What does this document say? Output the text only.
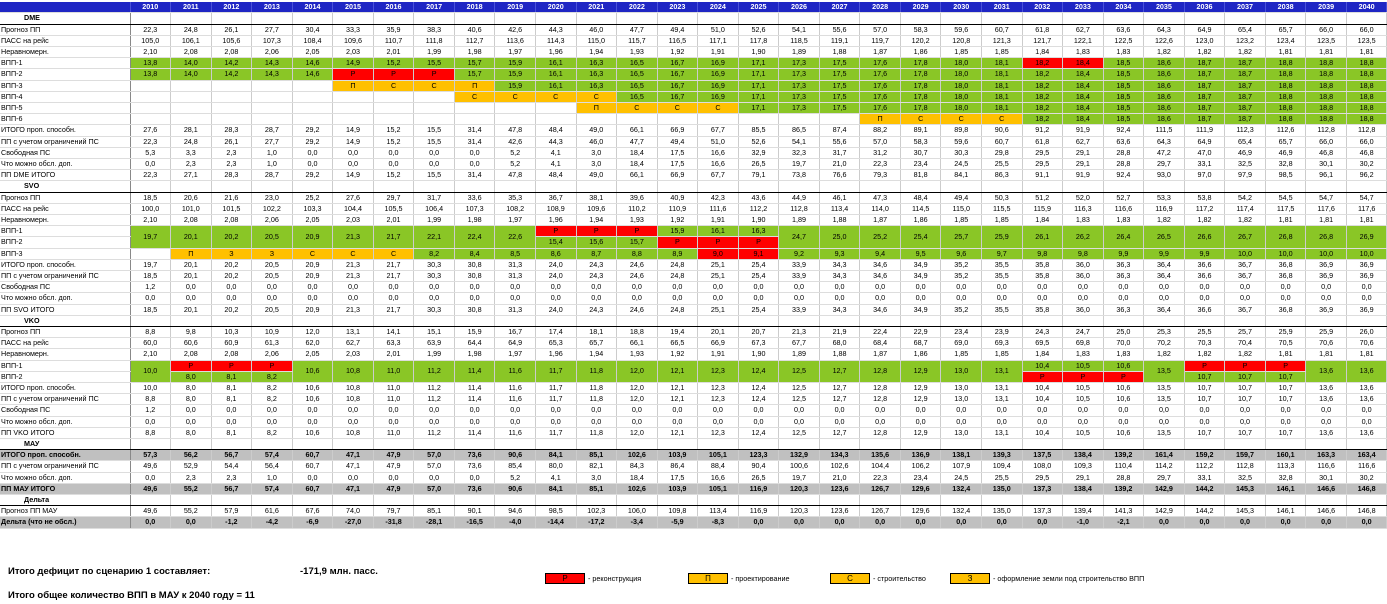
	2010	2011	2012	2013	2014	2015	2016	2017	2018	2019	2020	2021	2022	2023	2024	2025	2026	2027	2028	2029	2030	2031	2032	2033	2034	2035	2036	2037	2038	2039	2040
DME																															
Прогноз ПП	22,3	24,8	26,1	27,7	30,4	33,3	35,9	38,3	40,6	42,6	44,3	46,0	47,7	49,4	51,0	52,6	54,1	55,6	57,0	58,3	59,6	60,7	61,8	62,7	63,6	64,3	64,9	65,4	65,7	66,0	66,0
ПАСС на рейс	105,0	106,1	105,6	107,3	108,4	109,6	110,7	111,8	112,7	113,6	114,3	115,0	115,7	116,5	117,1	117,8	118,5	119,1	119,7	120,2	120,8	121,3	121,7	122,1	122,5	122,6	123,0	123,2	123,4	123,5	123,5
Неравномерн.	2,10	2,08	2,08	2,06	2,05	2,03	2,01	1,99	1,98	1,97	1,96	1,94	1,93	1,92	1,91	1,90	1,89	1,88	1,87	1,86	1,85	1,85	1,84	1,83	1,83	1,82	1,82	1,82	1,81	1,81	1,81
ВПП-1	13,8	14,0	14,2	14,3	14,6	14,9	15,2	15,5	15,7	15,9	16,1	16,3	16,5	16,7	16,9	17,1	17,3	17,5	17,6	17,8	18,0	18,1	18,2	18,4	18,5	18,6	18,7	18,7	18,8	18,8	18,8
ВПП-2	13,8	14,0	14,2	14,3	14,6	Р	Р	Р	15,7	15,9	16,1	16,3	16,5	16,7	16,9	17,1	17,3	17,5	17,6	17,8	18,0	18,1	18,2	18,4	18,5	18,6	18,7	18,7	18,8	18,8	18,8
ВПП-3						П	С	С	П	15,9	16,1	16,3	16,5	16,7	16,9	17,1	17,3	17,5	17,6	17,8	18,0	18,1	18,2	18,4	18,5	18,6	18,7	18,7	18,8	18,8	18,8
ВПП-4									С	С	С	С	16,5	16,7	16,9	17,1	17,3	17,5	17,6	17,8	18,0	18,1	18,2	18,4	18,5	18,6	18,7	18,7	18,8	18,8	18,8
ВПП-5												П	С	С	С	17,1	17,3	17,5	17,6	17,8	18,0	18,1	18,2	18,4	18,5	18,6	18,7	18,7	18,8	18,8	18,8
ВПП-6																			П	С	С	С	18,2	18,4	18,5	18,6	18,7	18,7	18,8	18,8	18,8
ИТОГО проп. способн.	27,6	28,1	28,3	28,7	29,2	14,9	15,2	15,5	31,4	47,8	48,4	49,0	66,1	66,9	67,7	85,5	86,5	87,4	88,2	89,1	89,8	90,6	91,2	91,9	92,4	111,5	111,9	112,3	112,6	112,8	112,8
ПП с учетом ограничений ПС	22,3	24,8	26,1	27,7	29,2	14,9	15,2	15,5	31,4	42,6	44,3	46,0	47,7	49,4	51,0	52,6	54,1	55,6	57,0	58,3	59,6	60,7	61,8	62,7	63,6	64,3	64,9	65,4	65,7	66,0	66,0
Свободная ПС	5,3	3,3	2,3	1,0	0,0	0,0	0,0	0,0	0,0	5,2	4,1	3,0	18,4	17,5	16,6	32,9	32,3	31,7	31,2	30,7	30,3	29,8	29,5	29,1	28,8	47,2	47,0	46,9	46,9	46,8	46,8
Что можно обсл. доп.	0,0	2,3	2,3	1,0	0,0	0,0	0,0	0,0	0,0	5,2	4,1	3,0	18,4	17,5	16,6	26,5	19,7	21,0	22,3	23,4	24,5	25,5	29,5	29,1	28,8	29,7	33,1	32,5	32,8	30,1	30,2
ПП DME ИТОГО	22,3	27,1	28,3	28,7	29,2	14,9	15,2	15,5	31,4	47,8	48,4	49,0	66,1	66,9	67,7	79,1	73,8	76,6	79,3	81,8	84,1	86,3	91,1	91,9	92,4	93,0	97,0	97,9	98,5	96,1	96,2
SVO																															
Прогноз ПП	18,5	20,6	21,6	23,0	25,2	27,6	29,7	31,7	33,6	35,3	36,7	38,1	39,6	40,9	42,3	43,6	44,9	46,1	47,3	48,4	49,4	50,3	51,2	52,0	52,7	53,3	53,8	54,2	54,5	54,7	54,7
ПАСС на рейс	100,0	101,0	101,5	102,2	103,3	104,4	105,5	106,4	107,3	108,2	108,9	109,6	110,2	110,9	111,6	112,2	112,8	113,4	114,0	114,5	115,0	115,5	115,9	116,3	116,6	116,9	117,2	117,4	117,5	117,6	117,6
Неравномерн.	2,10	2,08	2,08	2,06	2,05	2,03	2,01	1,99	1,98	1,97	1,96	1,94	1,93	1,92	1,91	1,90	1,89	1,88	1,87	1,86	1,85	1,85	1,84	1,83	1,83	1,82	1,82	1,82	1,81	1,81	1,81
ВПП-1	19,7	20,1	20,2	20,5	20,9	21,3	21,7	22,1	22,4	22,6	Р	Р	Р	15,9	16,1	16,3	24,7	25,0	25,2	25,4	25,7	25,9	26,1	26,2	26,4	26,5	26,6	26,7	26,8	26,8	26,9
ВПП-2											15,4	15,6	15,7	Р	Р	Р															
ВПП-3		П	З	З	С	С	С	8,2	8,4	8,5	8,6	8,7	8,8	8,9	9,0	9,1	9,2	9,3	9,4	9,5	9,6	9,7	9,8	9,8	9,9	9,9	9,9	10,0	10,0	10,0	10,0
ИТОГО проп. способн.	19,7	20,1	20,2	20,5	20,9	21,3	21,7	30,3	30,8	31,3	24,0	24,3	24,6	24,8	25,1	25,4	33,9	34,3	34,6	34,9	35,2	35,5	35,8	36,0	36,3	36,4	36,6	36,7	36,8	36,9	36,9
ПП с учетом ограничений ПС	18,5	20,1	20,2	20,5	20,9	21,3	21,7	30,3	30,8	31,3	24,0	24,3	24,6	24,8	25,1	25,4	33,9	34,3	34,6	34,9	35,2	35,5	35,8	36,0	36,3	36,4	36,6	36,7	36,8	36,9	36,9
Свободная ПС	1,2	0,0	0,0	0,0	0,0	0,0	0,0	0,0	0,0	0,0	0,0	0,0	0,0	0,0	0,0	0,0	0,0	0,0	0,0	0,0	0,0	0,0	0,0	0,0	0,0	0,0	0,0	0,0	0,0	0,0	0,0
Что можно обсл. доп.	0,0	0,0	0,0	0,0	0,0	0,0	0,0	0,0	0,0	0,0	0,0	0,0	0,0	0,0	0,0	0,0	0,0	0,0	0,0	0,0	0,0	0,0	0,0	0,0	0,0	0,0	0,0	0,0	0,0	0,0	0,0
ПП SVO ИТОГО	18,5	20,1	20,2	20,5	20,9	21,3	21,7	30,3	30,8	31,3	24,0	24,3	24,6	24,8	25,1	25,4	33,9	34,3	34,6	34,9	35,2	35,5	35,8	36,0	36,3	36,4	36,6	36,7	36,8	36,9	36,9
VKO																															
Прогноз ПП	8,8	9,8	10,3	10,9	12,0	13,1	14,1	15,1	15,9	16,7	17,4	18,1	18,8	19,4	20,1	20,7	21,3	21,9	22,4	22,9	23,4	23,9	24,3	24,7	25,0	25,3	25,5	25,7	25,9	25,9	26,0
ПАСС на рейс	60,0	60,6	60,9	61,3	62,0	62,7	63,3	63,9	64,4	64,9	65,3	65,7	66,1	66,5	66,9	67,3	67,7	68,0	68,4	68,7	69,0	69,3	69,5	69,8	70,0	70,2	70,3	70,4	70,5	70,6	70,6
Неравномерн.	2,10	2,08	2,08	2,06	2,05	2,03	2,01	1,99	1,98	1,97	1,96	1,94	1,93	1,92	1,91	1,90	1,89	1,88	1,87	1,86	1,85	1,85	1,84	1,83	1,83	1,82	1,82	1,82	1,81	1,81	1,81
ВПП-1	10,0	Р	Р	Р	10,6	10,8	11,0	11,2	11,4	11,6	11,7	11,8	12,0	12,1	12,3	12,4	12,5	12,7	12,8	12,9	13,0	13,1	10,4	10,5	10,6	13,5	Р	Р	Р	13,6	13,6
ВПП-2		8,0	8,1	8,2																			Р	Р	Р		10,7	10,7	10,7		
ИТОГО проп. способн.	10,0	8,0	8,1	8,2	10,6	10,8	11,0	11,2	11,4	11,6	11,7	11,8	12,0	12,1	12,3	12,4	12,5	12,7	12,8	12,9	13,0	13,1	10,4	10,5	10,6	13,5	10,7	10,7	10,7	13,6	13,6
ПП с учетом ограничений ПС	8,8	8,0	8,1	8,2	10,6	10,8	11,0	11,2	11,4	11,6	11,7	11,8	12,0	12,1	12,3	12,4	12,5	12,7	12,8	12,9	13,0	13,1	10,4	10,5	10,6	13,5	10,7	10,7	10,7	13,6	13,6
Свободная ПС	1,2	0,0	0,0	0,0	0,0	0,0	0,0	0,0	0,0	0,0	0,0	0,0	0,0	0,0	0,0	0,0	0,0	0,0	0,0	0,0	0,0	0,0	0,0	0,0	0,0	0,0	0,0	0,0	0,0	0,0	0,0
Что можно обсл. доп.	0,0	0,0	0,0	0,0	0,0	0,0	0,0	0,0	0,0	0,0	0,0	0,0	0,0	0,0	0,0	0,0	0,0	0,0	0,0	0,0	0,0	0,0	0,0	0,0	0,0	0,0	0,0	0,0	0,0	0,0	0,0
ПП VKO ИТОГО	8,8	8,0	8,1	8,2	10,6	10,8	11,0	11,2	11,4	11,6	11,7	11,8	12,0	12,1	12,3	12,4	12,5	12,7	12,8	12,9	13,0	13,1	10,4	10,5	10,6	13,5	10,7	10,7	10,7	13,6	13,6
МАУ																															
ИТОГО проп. способн.	57,3	56,2	56,7	57,4	60,7	47,1	47,9	57,0	73,6	90,6	84,1	85,1	102,6	103,9	105,1	123,3	132,9	134,3	135,6	136,9	138,1	139,3	137,5	138,4	139,2	161,4	159,2	159,7	160,1	163,3	163,4
ПП с учетом ограничений ПС	49,6	52,9	54,4	56,4	60,7	47,1	47,9	57,0	73,6	85,4	80,0	82,1	84,3	86,4	88,4	90,4	100,6	102,6	104,4	106,2	107,9	109,4	108,0	109,3	110,4	114,2	112,2	112,8	113,3	116,6	116,6
Что можно обсл. доп.	0,0	2,3	2,3	1,0	0,0	0,0	0,0	0,0	0,0	5,2	4,1	3,0	18,4	17,5	16,6	26,5	19,7	21,0	22,3	23,4	24,5	25,5	29,5	29,1	28,8	29,7	33,1	32,5	32,8	30,1	30,2
ПП МАУ ИТОГО	49,6	55,2	56,7	57,4	60,7	47,1	47,9	57,0	73,6	90,6	84,1	85,1	102,6	103,9	105,1	116,9	120,3	123,6	126,7	129,6	132,4	135,0	137,3	138,4	139,2	142,9	144,2	145,3	146,1	146,6	146,8
Дельта																															
Прогноз ПП МАУ	49,6	55,2	57,9	61,6	67,6	74,0	79,7	85,1	90,1	94,6	98,5	102,3	106,0	109,8	113,4	116,9	120,3	123,6	126,7	129,6	132,4	135,0	137,3	139,4	141,3	142,9	144,2	145,3	146,1	146,6	146,8
Дельта (что не обсл.)	0,0	0,0	-1,2	-4,2	-6,9	-27,0	-31,8	-28,1	-16,5	-4,0	-14,4	-17,2	-3,4	-5,9	-8,3	0,0	0,0	0,0	0,0	0,0	0,0	0,0	0,0	-1,0	-2,1	0,0	0,0	0,0	0,0	0,0	0,0
Итого дефицит по сценарию 1 составляет:	-171,9 млн. пасс.
Итого общее количество ВПП в МАУ к 2040 году = 11
Р	- реконструкция	П	- проектирование	С	- строительство	З	- оформление земли под строительство ВПП
